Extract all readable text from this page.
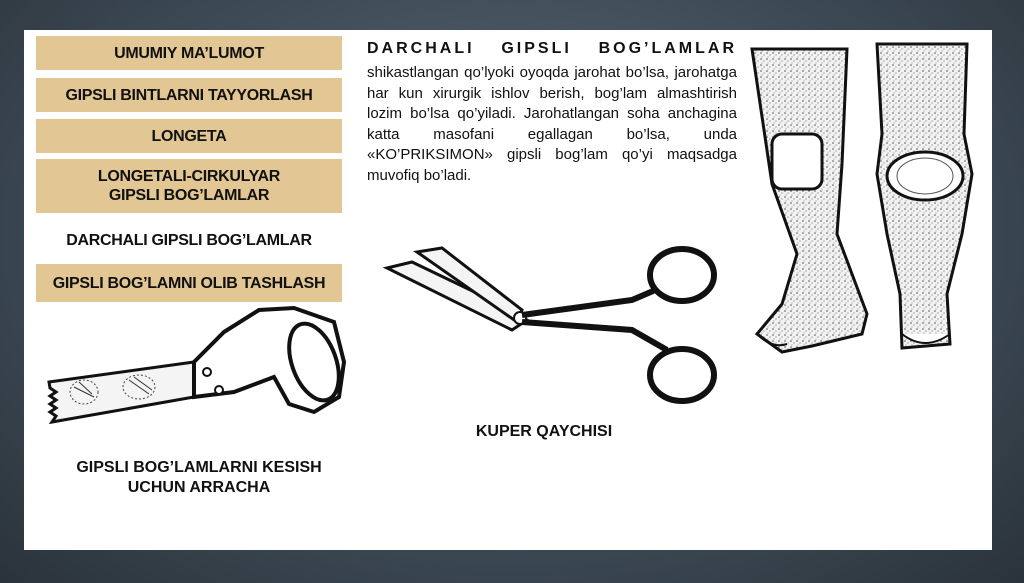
UMUMIY MA’LUMOT
GIPSLI BINTLARNI TAYYORLASH
LONGETA
LONGETALI-CIRKULYAR GIPSLI BOG’LAMLAR
DARCHALI GIPSLI BOG’LAMLAR
GIPSLI BOG’LAMNI OLIB TASHLASH
DARCHALI GIPSLI BOG’LAMLAR
shikastlangan qo’lyoki oyoqda jarohat bo’lsa, jarohatga har kun xirurgik ishlov berish, bog’lam almashtirish lozim bo’lsa qo’yiladi. Jarohatlangan soha anchagina katta masofani egallagan bo’lsa, unda «KO’PRIKSIMON» gipsli bog’lam qo’yi maqsadga muvofiq bo’ladi.
GIPSLI BOG’LAMLARNI KESISH UCHUN ARRACHA
KUPER QAYCHISI
